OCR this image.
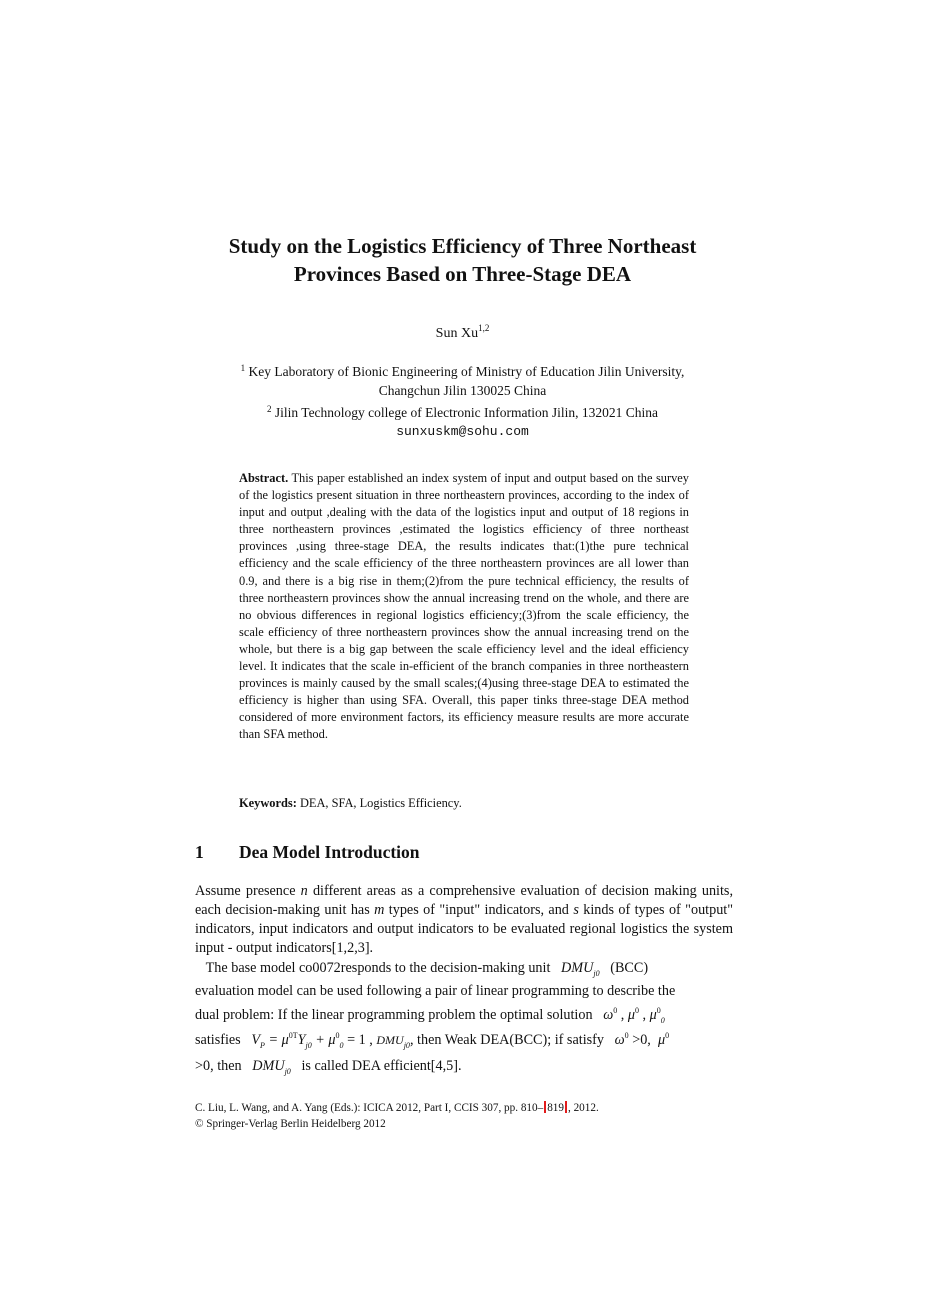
Study on the Logistics Efficiency of Three Northeast
Provinces Based on Three-Stage DEA
Sun Xu$^{1,2}$
$^1$ Key Laboratory of Bionic Engineering of Ministry of Education Jilin University,
Changchun Jilin 130025 China
$^2$ Jilin Technology college of Electronic Information Jilin, 132021 China
sunxuskm@sohu.com
Abstract. This paper established an index system of input and output based on the survey of the logistics present situation in three northeastern provinces, according to the index of input and output ,dealing with the data of the logistics input and output of 18 regions in three northeastern provinces ,estimated the logistics efficiency of three northeast provinces ,using three-stage DEA, the results indicates that:(1)the pure technical efficiency and the scale efficiency of the three northeastern provinces are all lower than 0.9, and there is a big rise in them;(2)from the pure technical efficiency, the results of three northeastern provinces show the annual increasing trend on the whole, and there are no obvious differences in regional logistics efficiency;(3)from the scale efficiency, the scale efficiency of three northeastern provinces show the annual increasing trend on the whole, but there is a big gap between the scale efficiency level and the ideal efficiency level. It indicates that the scale in-efficient of the branch companies in three northeastern provinces is mainly caused by the small scales;(4)using three-stage DEA to estimated the efficiency is higher than using SFA. Overall, this paper tinks three-stage DEA method considered of more environment factors, its efficiency measure results are more accurate than SFA method.
Keywords: DEA, SFA, Logistics Efficiency.
1 Dea Model Introduction
Assume presence n different areas as a comprehensive evaluation of decision making units, each decision-making unit has m types of "input" indicators, and s kinds of types of "output" indicators, input indicators and output indicators to be evaluated regional logistics the system input - output indicators[1,2,3].
The base model co0072responds to the decision-making unit $DMU_{j0}$ (BCC)
evaluation model can be used following a pair of linear programming to describe the
dual problem: If the linear programming problem the optimal solution $\omega^0$ , $\mu^0$ , $\mu^0_0$
satisfies $V_P = \mu^{0T}Y_{j0} + \mu^0_0 = 1$ , $DMU_{j0}$, then Weak DEA(BCC); if satisfy $\omega^0 >0$, $\mu^0$
>0, then $DMU_{j0}$ is called DEA efficient[4,5].
C. Liu, L. Wang, and A. Yang (Eds.): ICICA 2012, Part I, CCIS 307, pp. 810– 819 , 2012.
© Springer-Verlag Berlin Heidelberg 2012
